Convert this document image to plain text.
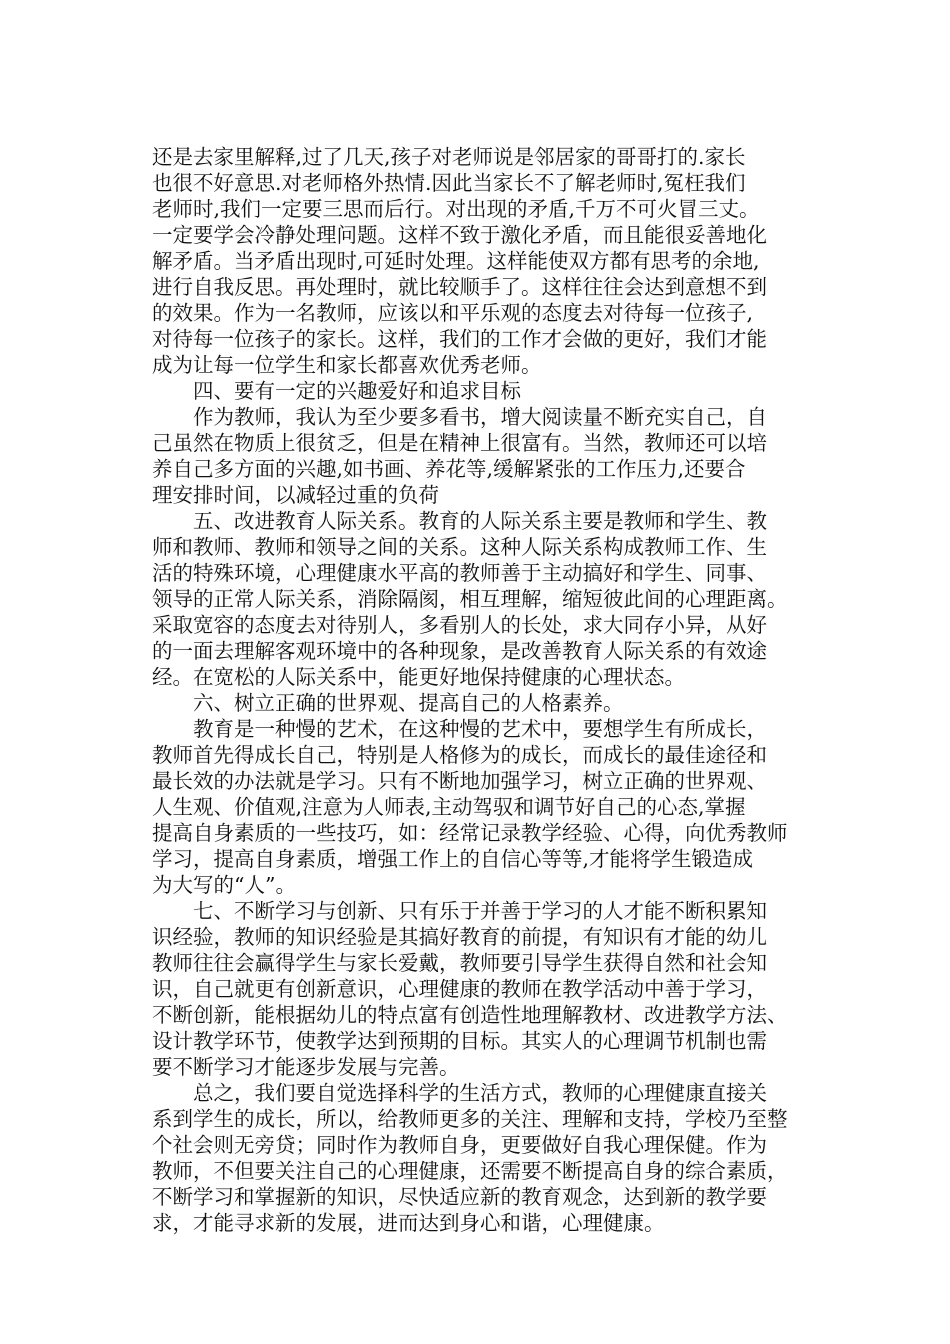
还是去家里解释,过了几天,孩子对老师说是邻居家的哥哥打的.家长
也很不好意思.对老师格外热情.因此当家长不了解老师时,冤枉我们
老师时,我们一定要三思而后行。对出现的矛盾,千万不可火冒三丈。
一定要学会冷静处理问题。这样不致于激化矛盾，而且能很妥善地化
解矛盾。当矛盾出现时,可延时处理。这样能使双方都有思考的余地,
进行自我反思。再处理时，就比较顺手了。这样往往会达到意想不到
的效果。作为一名教师，应该以和平乐观的态度去对待每一位孩子,
对待每一位孩子的家长。这样，我们的工作才会做的更好，我们才能
成为让每一位学生和家长都喜欢优秀老师。
四、要有一定的兴趣爱好和追求目标
作为教师，我认为至少要多看书，增大阅读量不断充实自己，自
己虽然在物质上很贫乏，但是在精神上很富有。当然，教师还可以培
养自己多方面的兴趣,如书画、养花等,缓解紧张的工作压力,还要合
理安排时间，以减轻过重的负荷
五、改进教育人际关系。教育的人际关系主要是教师和学生、教
师和教师、教师和领导之间的关系。这种人际关系构成教师工作、生
活的特殊环境，心理健康水平高的教师善于主动搞好和学生、同事、
领导的正常人际关系，消除隔阂，相互理解，缩短彼此间的心理距离。
采取宽容的态度去对待别人，多看别人的长处，求大同存小异，从好
的一面去理解客观环境中的各种现象，是改善教育人际关系的有效途
经。在宽松的人际关系中，能更好地保持健康的心理状态。
六、树立正确的世界观、提高自己的人格素养。
教育是一种慢的艺术，在这种慢的艺术中，要想学生有所成长，
教师首先得成长自己，特别是人格修为的成长，而成长的最佳途径和
最长效的办法就是学习。只有不断地加强学习，树立正确的世界观、
人生观、价值观,注意为人师表,主动驾驭和调节好自己的心态,掌握
提高自身素质的一些技巧，如：经常记录教学经验、心得，向优秀教师
学习，提高自身素质，增强工作上的自信心等等,才能将学生锻造成
为大写的“人”。
七、不断学习与创新、只有乐于并善于学习的人才能不断积累知
识经验，教师的知识经验是其搞好教育的前提，有知识有才能的幼儿
教师往往会赢得学生与家长爱戴，教师要引导学生获得自然和社会知
识，自己就更有创新意识，心理健康的教师在教学活动中善于学习，
不断创新，能根据幼儿的特点富有创造性地理解教材、改进教学方法、
设计教学环节，使教学达到预期的目标。其实人的心理调节机制也需
要不断学习才能逐步发展与完善。
总之，我们要自觉选择科学的生活方式，教师的心理健康直接关
系到学生的成长，所以，给教师更多的关注、理解和支持，学校乃至整
个社会则无旁贷；同时作为教师自身，更要做好自我心理保健。作为
教师，不但要关注自己的心理健康，还需要不断提高自身的综合素质，
不断学习和掌握新的知识，尽快适应新的教育观念，达到新的教学要
求，才能寻求新的发展，进而达到身心和谐，心理健康。
